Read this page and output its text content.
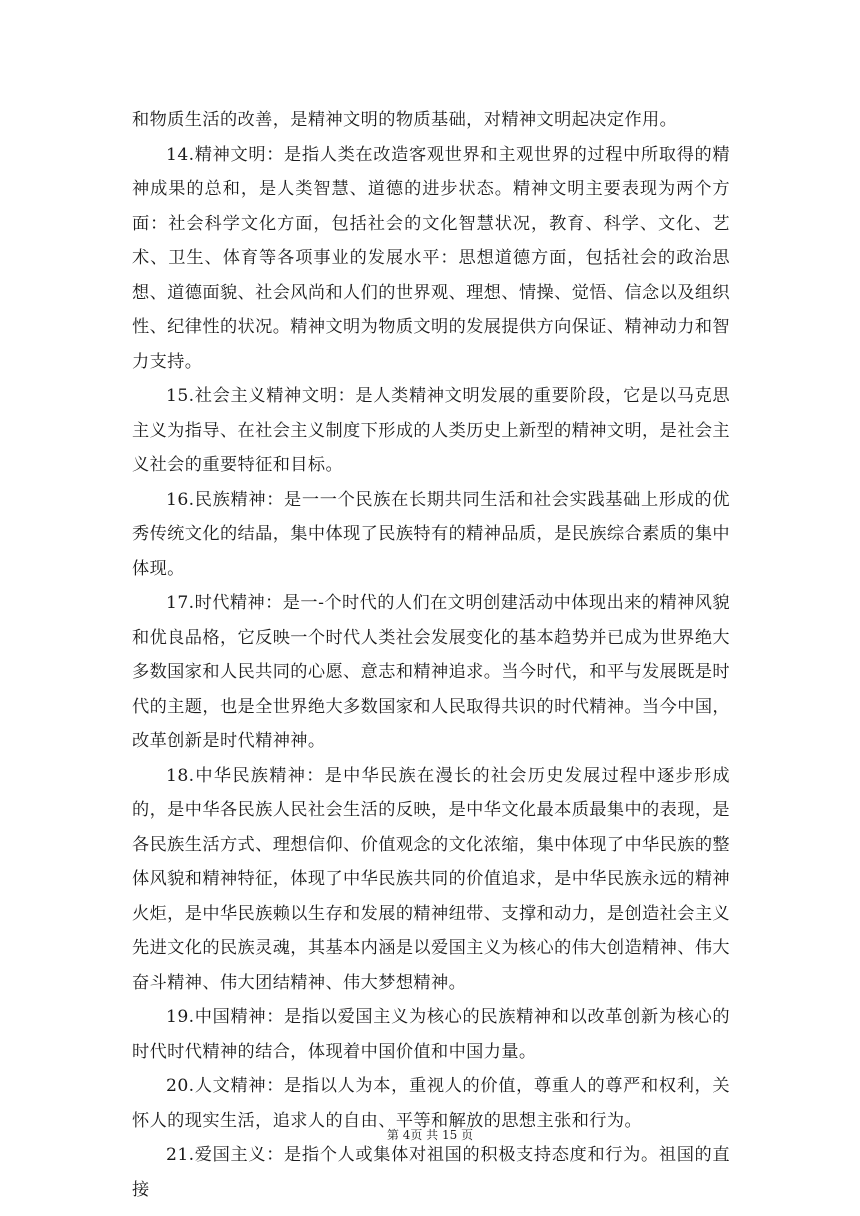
和物质生活的改善，是精神文明的物质基础，对精神文明起决定作用。

14.精神文明：是指人类在改造客观世界和主观世界的过程中所取得的精神成果的总和，是人类智慧、道德的进步状态。精神文明主要表现为两个方面：社会科学文化方面，包括社会的文化智慧状况，教育、科学、文化、艺术、卫生、体育等各项事业的发展水平：思想道德方面，包括社会的政治思想、道德面貌、社会风尚和人们的世界观、理想、情操、觉悟、信念以及组织性、纪律性的状况。精神文明为物质文明的发展提供方向保证、精神动力和智力支持。

15.社会主义精神文明：是人类精神文明发展的重要阶段，它是以马克思主义为指导、在社会主义制度下形成的人类历史上新型的精神文明，是社会主义社会的重要特征和目标。

16.民族精神：是一一个民族在长期共同生活和社会实践基础上形成的优秀传统文化的结晶，集中体现了民族特有的精神品质，是民族综合素质的集中体现。

17.时代精神：是一-个时代的人们在文明创建活动中体现出来的精神风貌和优良品格，它反映一个时代人类社会发展变化的基本趋势并已成为世界绝大多数国家和人民共同的心愿、意志和精神追求。当今时代，和平与发展既是时代的主题，也是全世界绝大多数国家和人民取得共识的时代精神。当今中国，改革创新是时代精神神。

18.中华民族精神：是中华民族在漫长的社会历史发展过程中逐步形成的，是中华各民族人民社会生活的反映，是中华文化最本质最集中的表现，是各民族生活方式、理想信仰、价值观念的文化浓缩，集中体现了中华民族的整体风貌和精神特征，体现了中华民族共同的价值追求，是中华民族永远的精神火炬，是中华民族赖以生存和发展的精神纽带、支撑和动力，是创造社会主义先进文化的民族灵魂，其基本内涵是以爱国主义为核心的伟大创造精神、伟大奋斗精神、伟大团结精神、伟大梦想精神。

19.中国精神：是指以爱国主义为核心的民族精神和以改革创新为核心的时代时代精神的结合，体现着中国价值和中国力量。

20.人文精神：是指以人为本，重视人的价值，尊重人的尊严和权利，关怀人的现实生活，追求人的自由、平等和解放的思想主张和行为。

21.爱国主义：是指个人或集体对祖国的积极支持态度和行为。祖国的直接

第 4页 共 15 页
